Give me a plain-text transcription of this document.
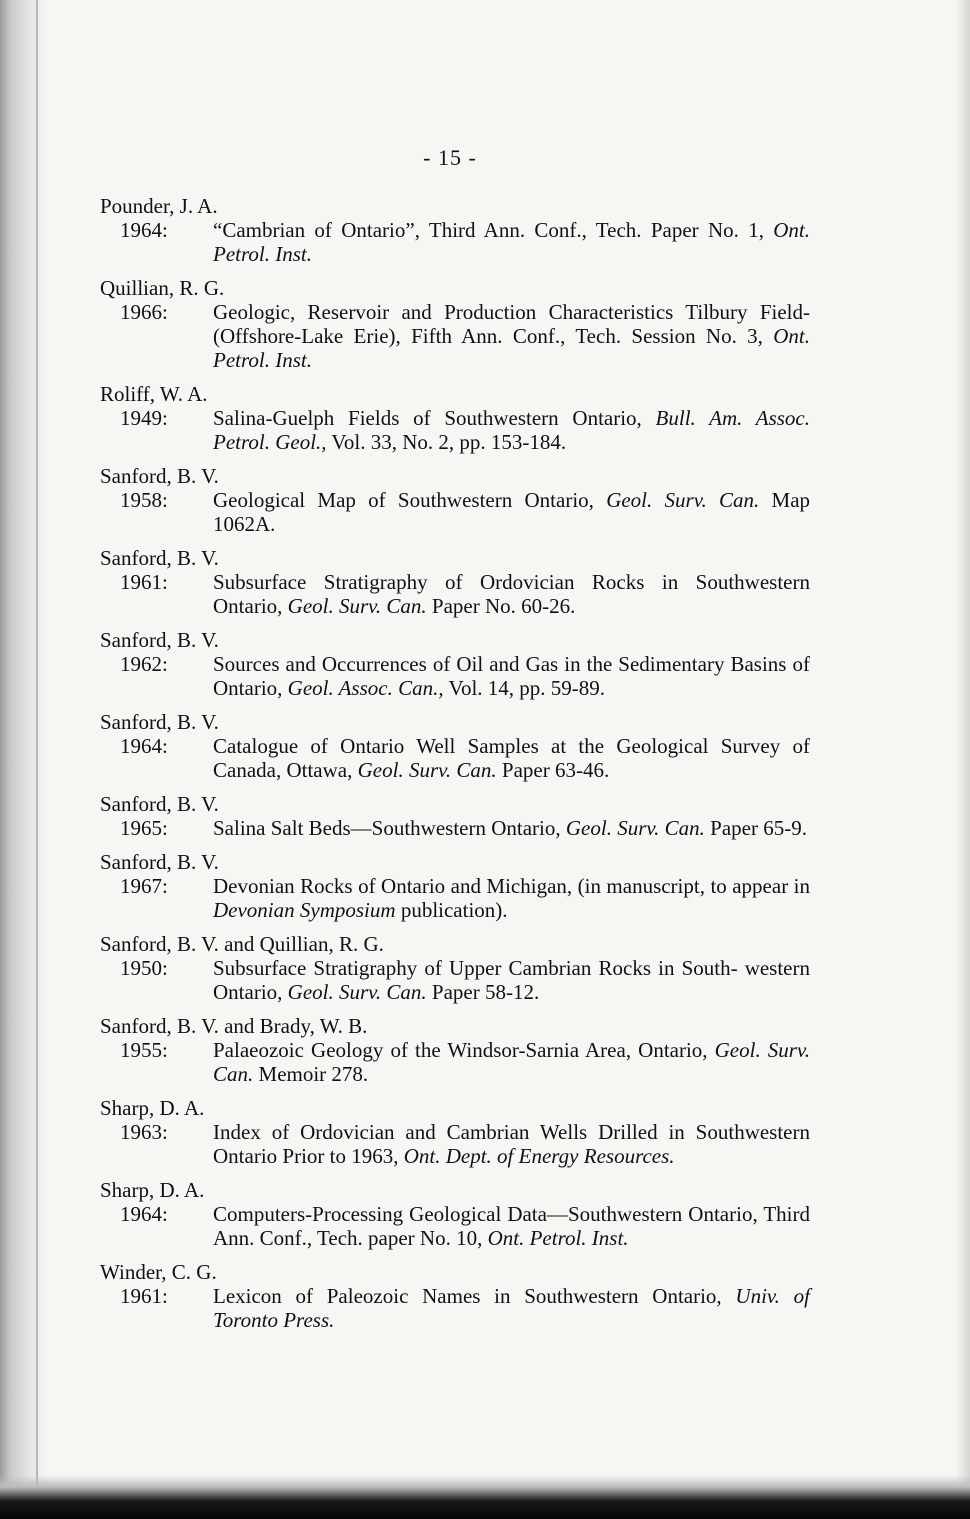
- 15 -
Pounder, J. A.
1964:	“Cambrian of Ontario”, Third Ann. Conf., Tech. Paper No. 1, Ont. Petrol. Inst.
Quillian, R. G.
1966:	Geologic, Reservoir and Production Characteristics Tilbury Field- (Offshore-Lake Erie), Fifth Ann. Conf., Tech. Session No. 3, Ont. Petrol. Inst.
Roliff, W. A.
1949:	Salina-Guelph Fields of Southwestern Ontario, Bull. Am. Assoc. Petrol. Geol., Vol. 33, No. 2, pp. 153-184.
Sanford, B. V.
1958:	Geological Map of Southwestern Ontario, Geol. Surv. Can. Map 1062A.
Sanford, B. V.
1961:	Subsurface Stratigraphy of Ordovician Rocks in Southwestern Ontario, Geol. Surv. Can. Paper No. 60-26.
Sanford, B. V.
1962:	Sources and Occurrences of Oil and Gas in the Sedimentary Basins of Ontario, Geol. Assoc. Can., Vol. 14, pp. 59-89.
Sanford, B. V.
1964:	Catalogue of Ontario Well Samples at the Geological Survey of Canada, Ottawa, Geol. Surv. Can. Paper 63-46.
Sanford, B. V.
1965:	Salina Salt Beds—Southwestern Ontario, Geol. Surv. Can. Paper 65-9.
Sanford, B. V.
1967:	Devonian Rocks of Ontario and Michigan, (in manuscript, to appear in Devonian Symposium publication).
Sanford, B. V. and Quillian, R. G.
1950:	Subsurface Stratigraphy of Upper Cambrian Rocks in South- western Ontario, Geol. Surv. Can. Paper 58-12.
Sanford, B. V. and Brady, W. B.
1955:	Palaeozoic Geology of the Windsor-Sarnia Area, Ontario, Geol. Surv. Can. Memoir 278.
Sharp, D. A.
1963:	Index of Ordovician and Cambrian Wells Drilled in Southwestern Ontario Prior to 1963, Ont. Dept. of Energy Resources.
Sharp, D. A.
1964:	Computers-Processing Geological Data—Southwestern Ontario, Third Ann. Conf., Tech. paper No. 10, Ont. Petrol. Inst.
Winder, C. G.
1961:	Lexicon of Paleozoic Names in Southwestern Ontario, Univ. of Toronto Press.
